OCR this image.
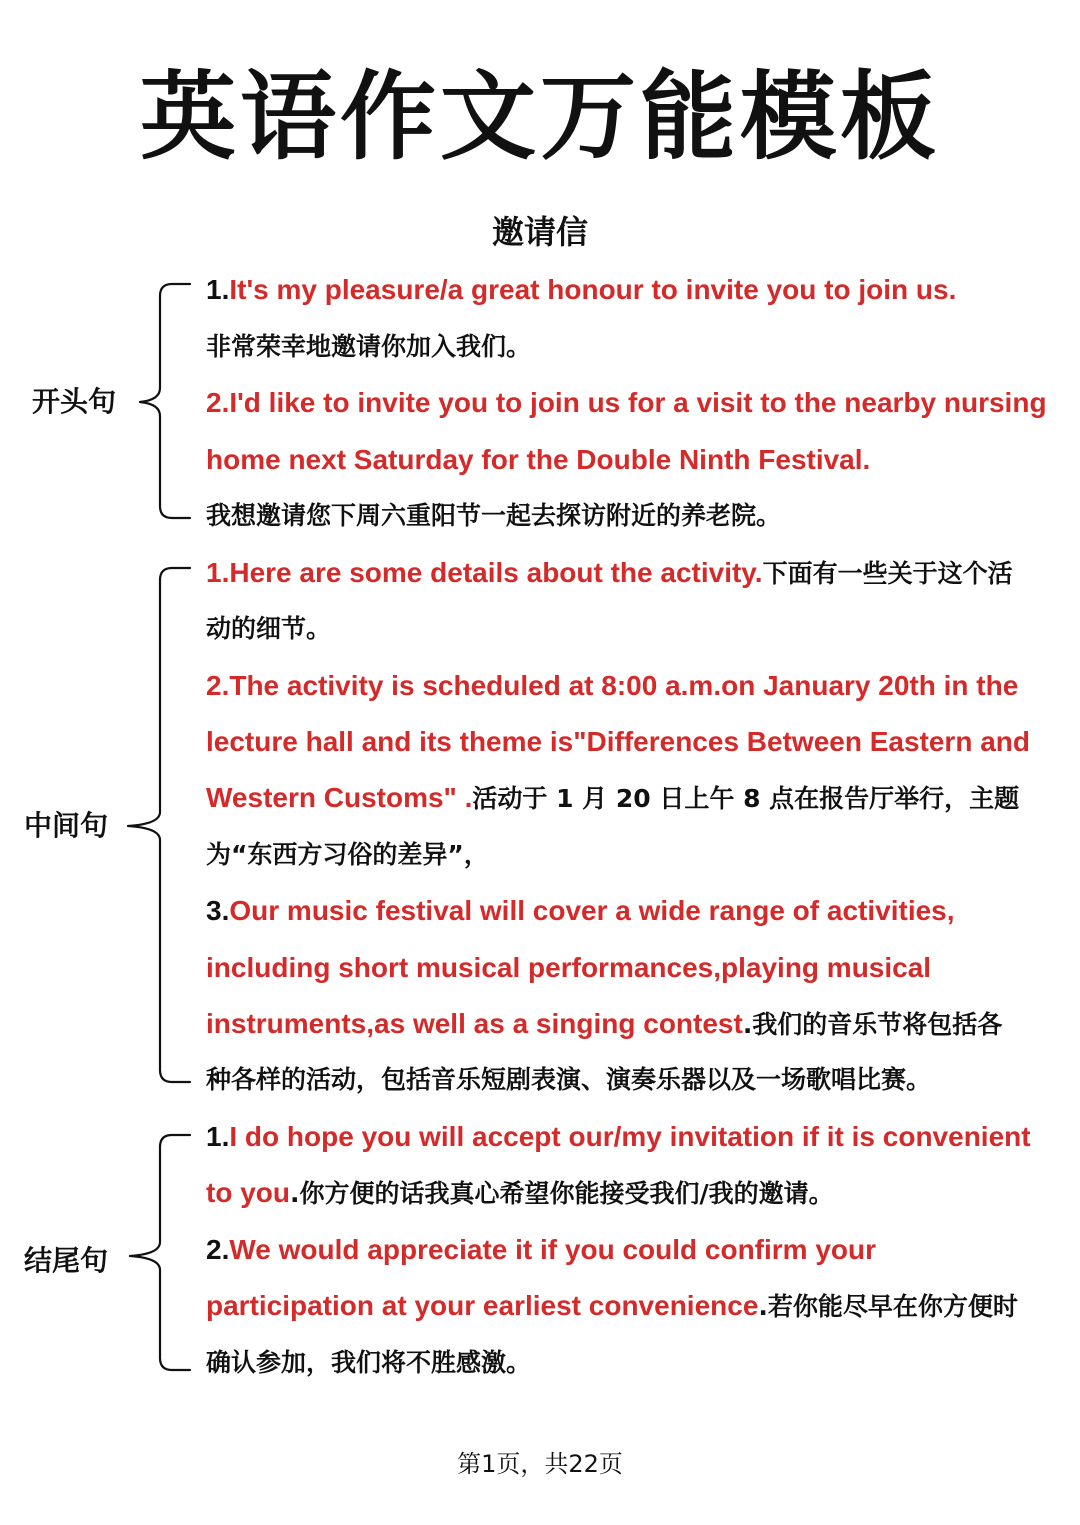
英语作文万能模板
邀请信
开头句
中间句
结尾句
1.It's my pleasure/a great honour to invite you to join us.
非常荣幸地邀请你加入我们。
2.I'd like to invite you to join us for a visit to the nearby nursing
home next Saturday for the Double Ninth Festival.
我想邀请您下周六重阳节一起去探访附近的养老院。
1.Here are some details about the activity.下面有一些关于这个活
动的细节。
2.The activity is scheduled at 8:00 a.m.on January 20th in the
lecture hall and its theme is"Differences Between Eastern and
Western Customs" .活动于 1 月 20 日上午 8 点在报告厅举行，主题
为“东西方习俗的差异”，
3.Our music festival will cover a wide range of activities,
including short musical performances,playing musical
instruments,as well as a singing contest.我们的音乐节将包括各
种各样的活动，包括音乐短剧表演、演奏乐器以及一场歌唱比赛。
1.I do hope you will accept our/my invitation if it is convenient
to you.你方便的话我真心希望你能接受我们/我的邀请。
2.We would appreciate it if you could confirm your
participation at your earliest convenience.若你能尽早在你方便时
确认参加，我们将不胜感激。
第1页，共22页
